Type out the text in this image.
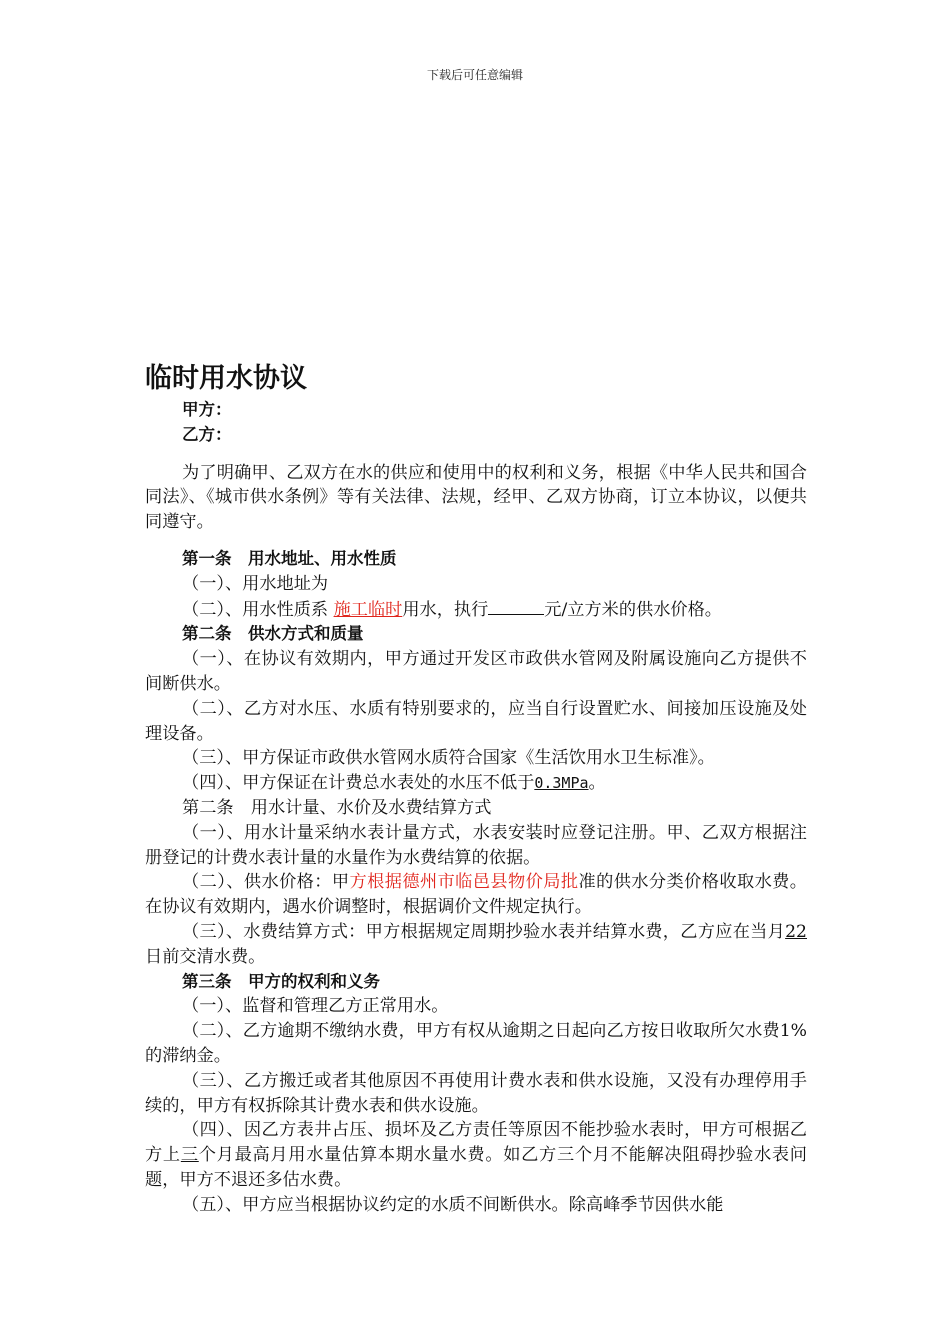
下载后可任意编辑
临时用水协议

甲方：

乙方：

为了明确甲、乙双方在水的供应和使用中的权利和义务，根据《中华人民共和国合同法》、《城市供水条例》等有关法律、法规，经甲、乙双方协商，订立本协议，以便共同遵守。

第一条　用水地址、用水性质

（一）、用水地址为

（二）、用水性质系 施工临时用水，执行	元/立方米的供水价格。

第二条　供水方式和质量

（一）、在协议有效期内，甲方通过开发区市政供水管网及附属设施向乙方提供不间断供水。

（二）、乙方对水压、水质有特别要求的，应当自行设置贮水、间接加压设施及处理设备。

（三）、甲方保证市政供水管网水质符合国家《生活饮用水卫生标准》。

（四）、甲方保证在计费总水表处的水压不低于0.3MPa。

第二条　用水计量、水价及水费结算方式

（一）、用水计量采纳水表计量方式，水表安装时应登记注册。甲、乙双方根据注册登记的计费水表计量的水量作为水费结算的依据。

（二）、供水价格：甲方根据德州市临邑县物价局批准的供水分类价格收取水费。在协议有效期内，遇水价调整时，根据调价文件规定执行。

（三）、水费结算方式：甲方根据规定周期抄验水表并结算水费，乙方应在当月22日前交清水费。

第三条　甲方的权利和义务

（一）、监督和管理乙方正常用水。

（二）、乙方逾期不缴纳水费，甲方有权从逾期之日起向乙方按日收取所欠水费1%的滞纳金。

（三）、乙方搬迁或者其他原因不再使用计费水表和供水设施，又没有办理停用手续的，甲方有权拆除其计费水表和供水设施。

（四）、因乙方表井占压、损坏及乙方责任等原因不能抄验水表时，甲方可根据乙方上三个月最高月用水量估算本期水量水费。如乙方三个月不能解决阻碍抄验水表问题，甲方不退还多估水费。

（五）、甲方应当根据协议约定的水质不间断供水。除高峰季节因供水能
